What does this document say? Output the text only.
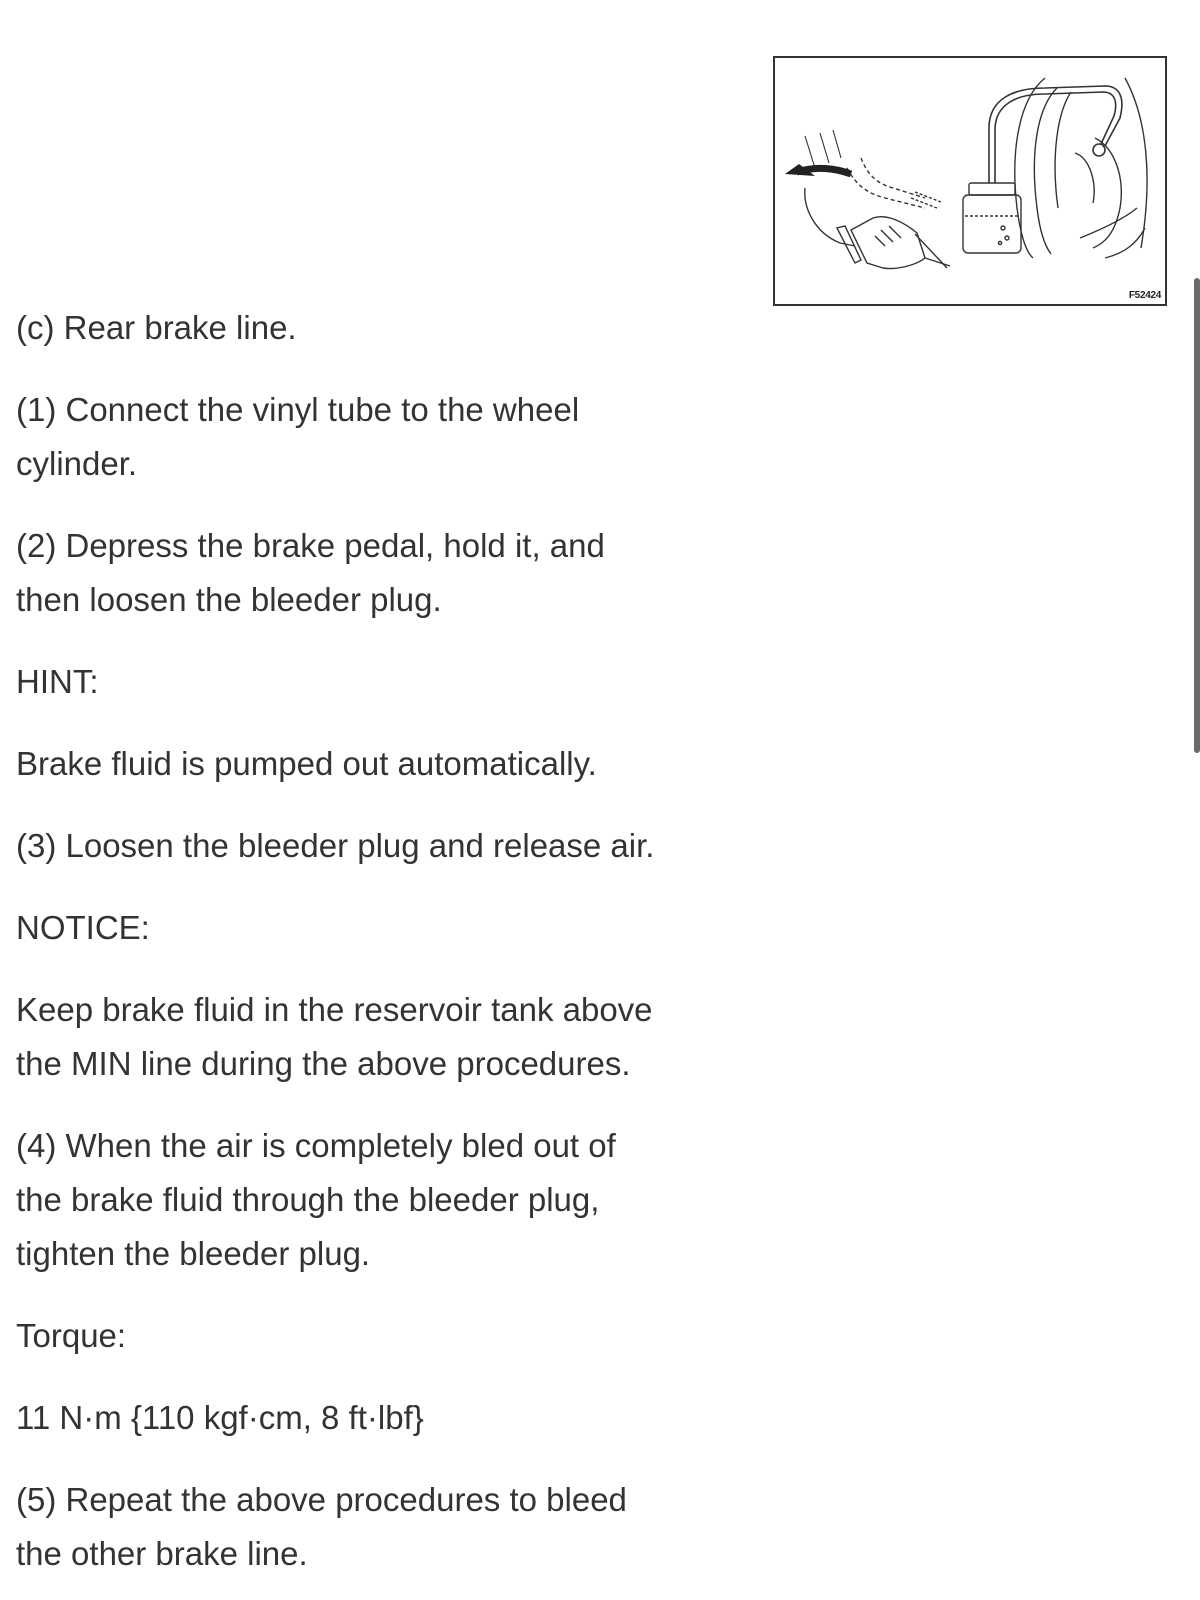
F52424

(c) Rear brake line.

(1) Connect the vinyl tube to the wheel

cylinder.

(2) Depress the brake pedal, hold it, and

then loosen the bleeder plug.

HINT:

Brake fluid is pumped out automatically.

(3) Loosen the bleeder plug and release air.

NOTICE:

Keep brake fluid in the reservoir tank above

the MIN line during the above procedures.

(4) When the air is completely bled out of

the brake fluid through the bleeder plug,

tighten the bleeder plug.

Torque:

11 N·m {110 kgf·cm, 8 ft·lbf}

(5) Repeat the above procedures to bleed

the other brake line.
